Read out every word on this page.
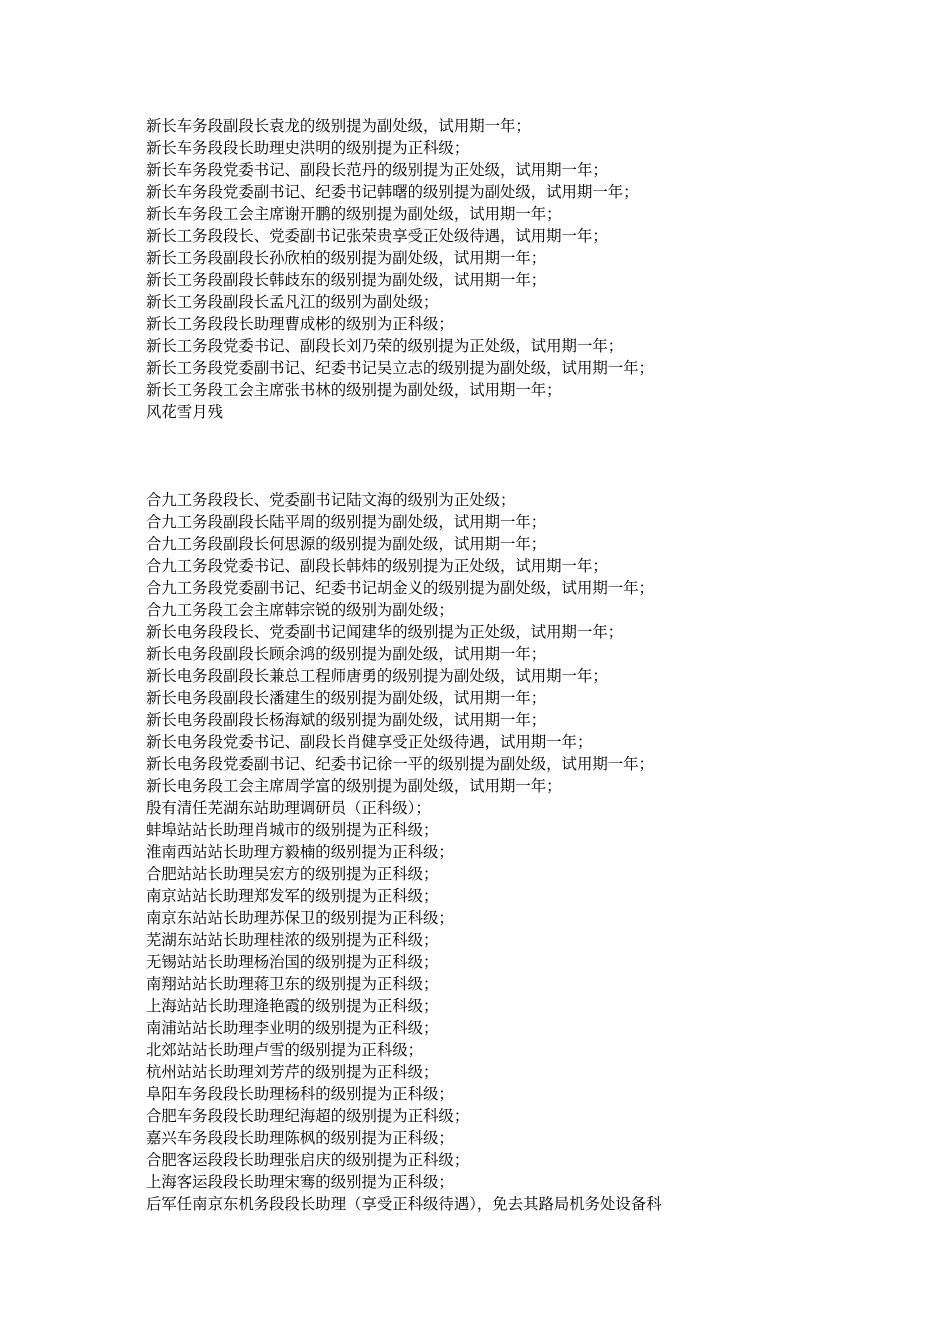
新长车务段副段长袁龙的级别提为副处级，试用期一年；
新长车务段段长助理史洪明的级别提为正科级；
新长车务段党委书记、副段长范丹的级别提为正处级，试用期一年；
新长车务段党委副书记、纪委书记韩曙的级别提为副处级，试用期一年；
新长车务段工会主席谢开鹏的级别提为副处级，试用期一年；
新长工务段段长、党委副书记张荣贵享受正处级待遇，试用期一年；
新长工务段副段长孙欣柏的级别提为副处级，试用期一年；
新长工务段副段长韩歧东的级别提为副处级，试用期一年；
新长工务段副段长孟凡江的级别为副处级；
新长工务段段长助理曹成彬的级别为正科级；
新长工务段党委书记、副段长刘乃荣的级别提为正处级，试用期一年；
新长工务段党委副书记、纪委书记吴立志的级别提为副处级，试用期一年；
新长工务段工会主席张书林的级别提为副处级，试用期一年；
风花雪月残
合九工务段段长、党委副书记陆文海的级别为正处级；
合九工务段副段长陆平周的级别提为副处级，试用期一年；
合九工务段副段长何思源的级别提为副处级，试用期一年；
合九工务段党委书记、副段长韩炜的级别提为正处级，试用期一年；
合九工务段党委副书记、纪委书记胡金义的级别提为副处级，试用期一年；
合九工务段工会主席韩宗锐的级别为副处级；
新长电务段段长、党委副书记闻建华的级别提为正处级，试用期一年；
新长电务段副段长顾余鸿的级别提为副处级，试用期一年；
新长电务段副段长兼总工程师唐勇的级别提为副处级，试用期一年；
新长电务段副段长潘建生的级别提为副处级，试用期一年；
新长电务段副段长杨海斌的级别提为副处级，试用期一年；
新长电务段党委书记、副段长肖健享受正处级待遇，试用期一年；
新长电务段党委副书记、纪委书记徐一平的级别提为副处级，试用期一年；
新长电务段工会主席周学富的级别提为副处级，试用期一年；
殷有清任芜湖东站助理调研员（正科级）；
蚌埠站站长助理肖城市的级别提为正科级；
淮南西站站长助理方毅楠的级别提为正科级；
合肥站站长助理吴宏方的级别提为正科级；
南京站站长助理郑发军的级别提为正科级；
南京东站站长助理苏保卫的级别提为正科级；
芜湖东站站长助理桂浓的级别提为正科级；
无锡站站长助理杨治国的级别提为正科级；
南翔站站长助理蒋卫东的级别提为正科级；
上海站站长助理逄艳霞的级别提为正科级；
南浦站站长助理李业明的级别提为正科级；
北郊站站长助理卢雪的级别提为正科级；
杭州站站长助理刘芳芹的级别提为正科级；
阜阳车务段段长助理杨科的级别提为正科级；
合肥车务段段长助理纪海超的级别提为正科级；
嘉兴车务段段长助理陈枫的级别提为正科级；
合肥客运段段长助理张启庆的级别提为正科级；
上海客运段段长助理宋骞的级别提为正科级；
后军任南京东机务段段长助理（享受正科级待遇），免去其路局机务处设备科
